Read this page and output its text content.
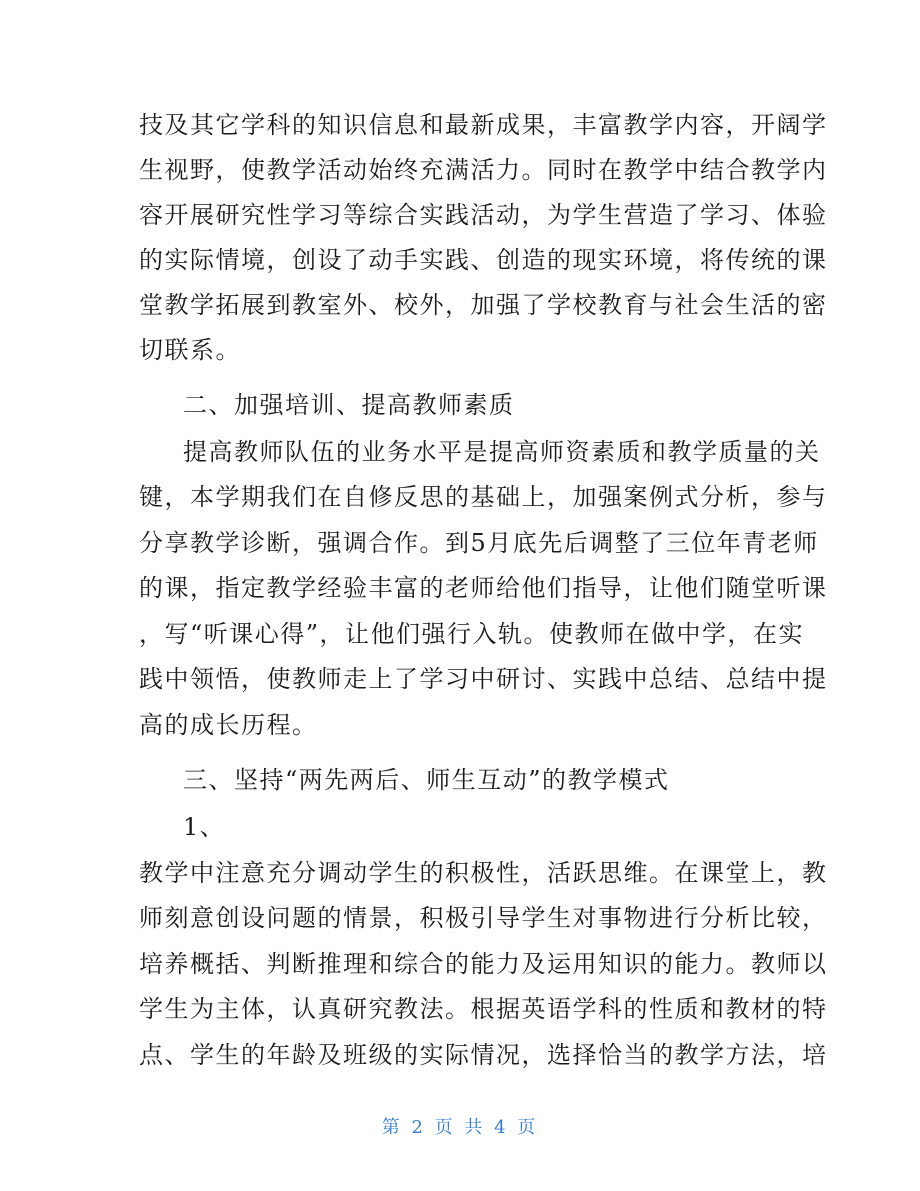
技及其它学科的知识信息和最新成果，丰富教学内容，开阔学
生视野，使教学活动始终充满活力。同时在教学中结合教学内
容开展研究性学习等综合实践活动，为学生营造了学习、体验
的实际情境，创设了动手实践、创造的现实环境，将传统的课
堂教学拓展到教室外、校外，加强了学校教育与社会生活的密
切联系。
二、加强培训、提高教师素质
提高教师队伍的业务水平是提高师资素质和教学质量的关
键，本学期我们在自修反思的基础上，加强案例式分析，参与
分享教学诊断，强调合作。到5月底先后调整了三位年青老师
的课，指定教学经验丰富的老师给他们指导，让他们随堂听课
，写“听课心得”，让他们强行入轨。使教师在做中学，在实
践中领悟，使教师走上了学习中研讨、实践中总结、总结中提
高的成长历程。
三、坚持“两先两后、师生互动”的教学模式
1、
教学中注意充分调动学生的积极性，活跃思维。在课堂上，教
师刻意创设问题的情景，积极引导学生对事物进行分析比较，
培养概括、判断推理和综合的能力及运用知识的能力。教师以
学生为主体，认真研究教法。根据英语学科的性质和教材的特
点、学生的年龄及班级的实际情况，选择恰当的教学方法，培
第 2 页 共 4 页
